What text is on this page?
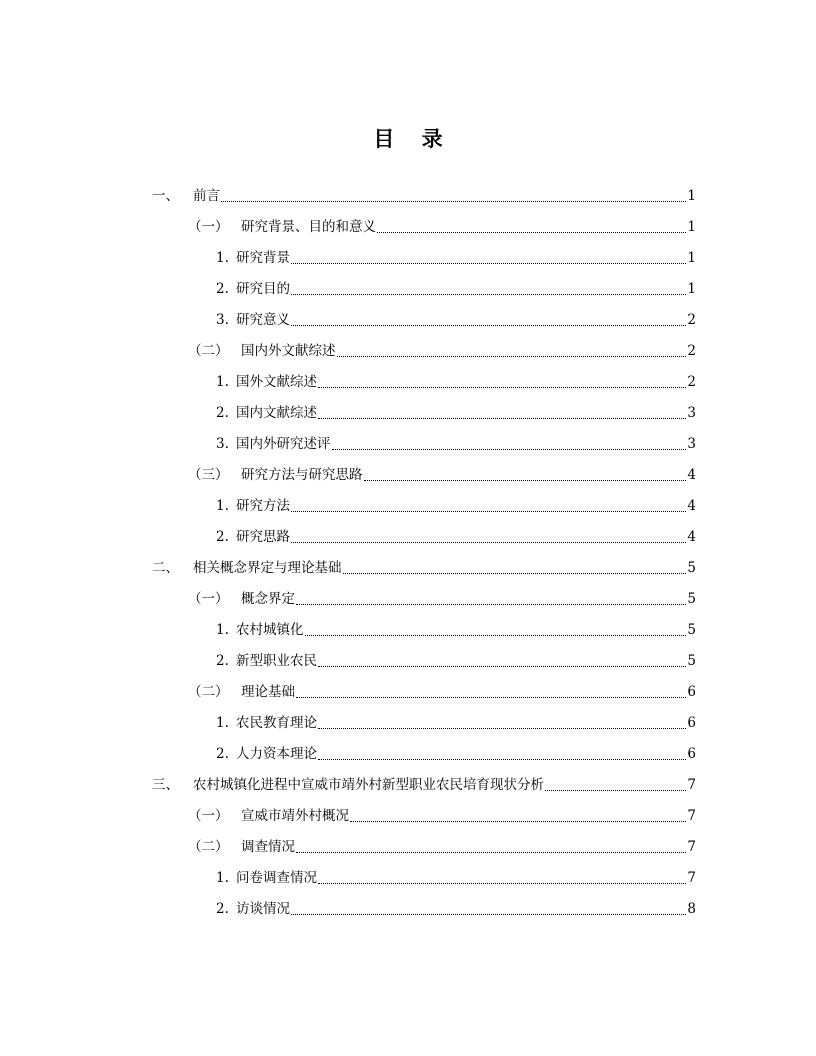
目 录
一、	前言	1
（一） 研究背景、目的和意义	1
1. 研究背景	1
2. 研究目的	1
3. 研究意义	2
（二） 国内外文献综述	2
1. 国外文献综述	2
2. 国内文献综述	3
3. 国内外研究述评	3
（三） 研究方法与研究思路	4
1. 研究方法	4
2. 研究思路	4
二、	相关概念界定与理论基础	5
（一） 概念界定	5
1. 农村城镇化	5
2. 新型职业农民	5
（二） 理论基础	6
1. 农民教育理论	6
2. 人力资本理论	6
三、	农村城镇化进程中宣威市靖外村新型职业农民培育现状分析	7
（一） 宣威市靖外村概况	7
（二） 调查情况	7
1. 问卷调查情况	7
2. 访谈情况	8
